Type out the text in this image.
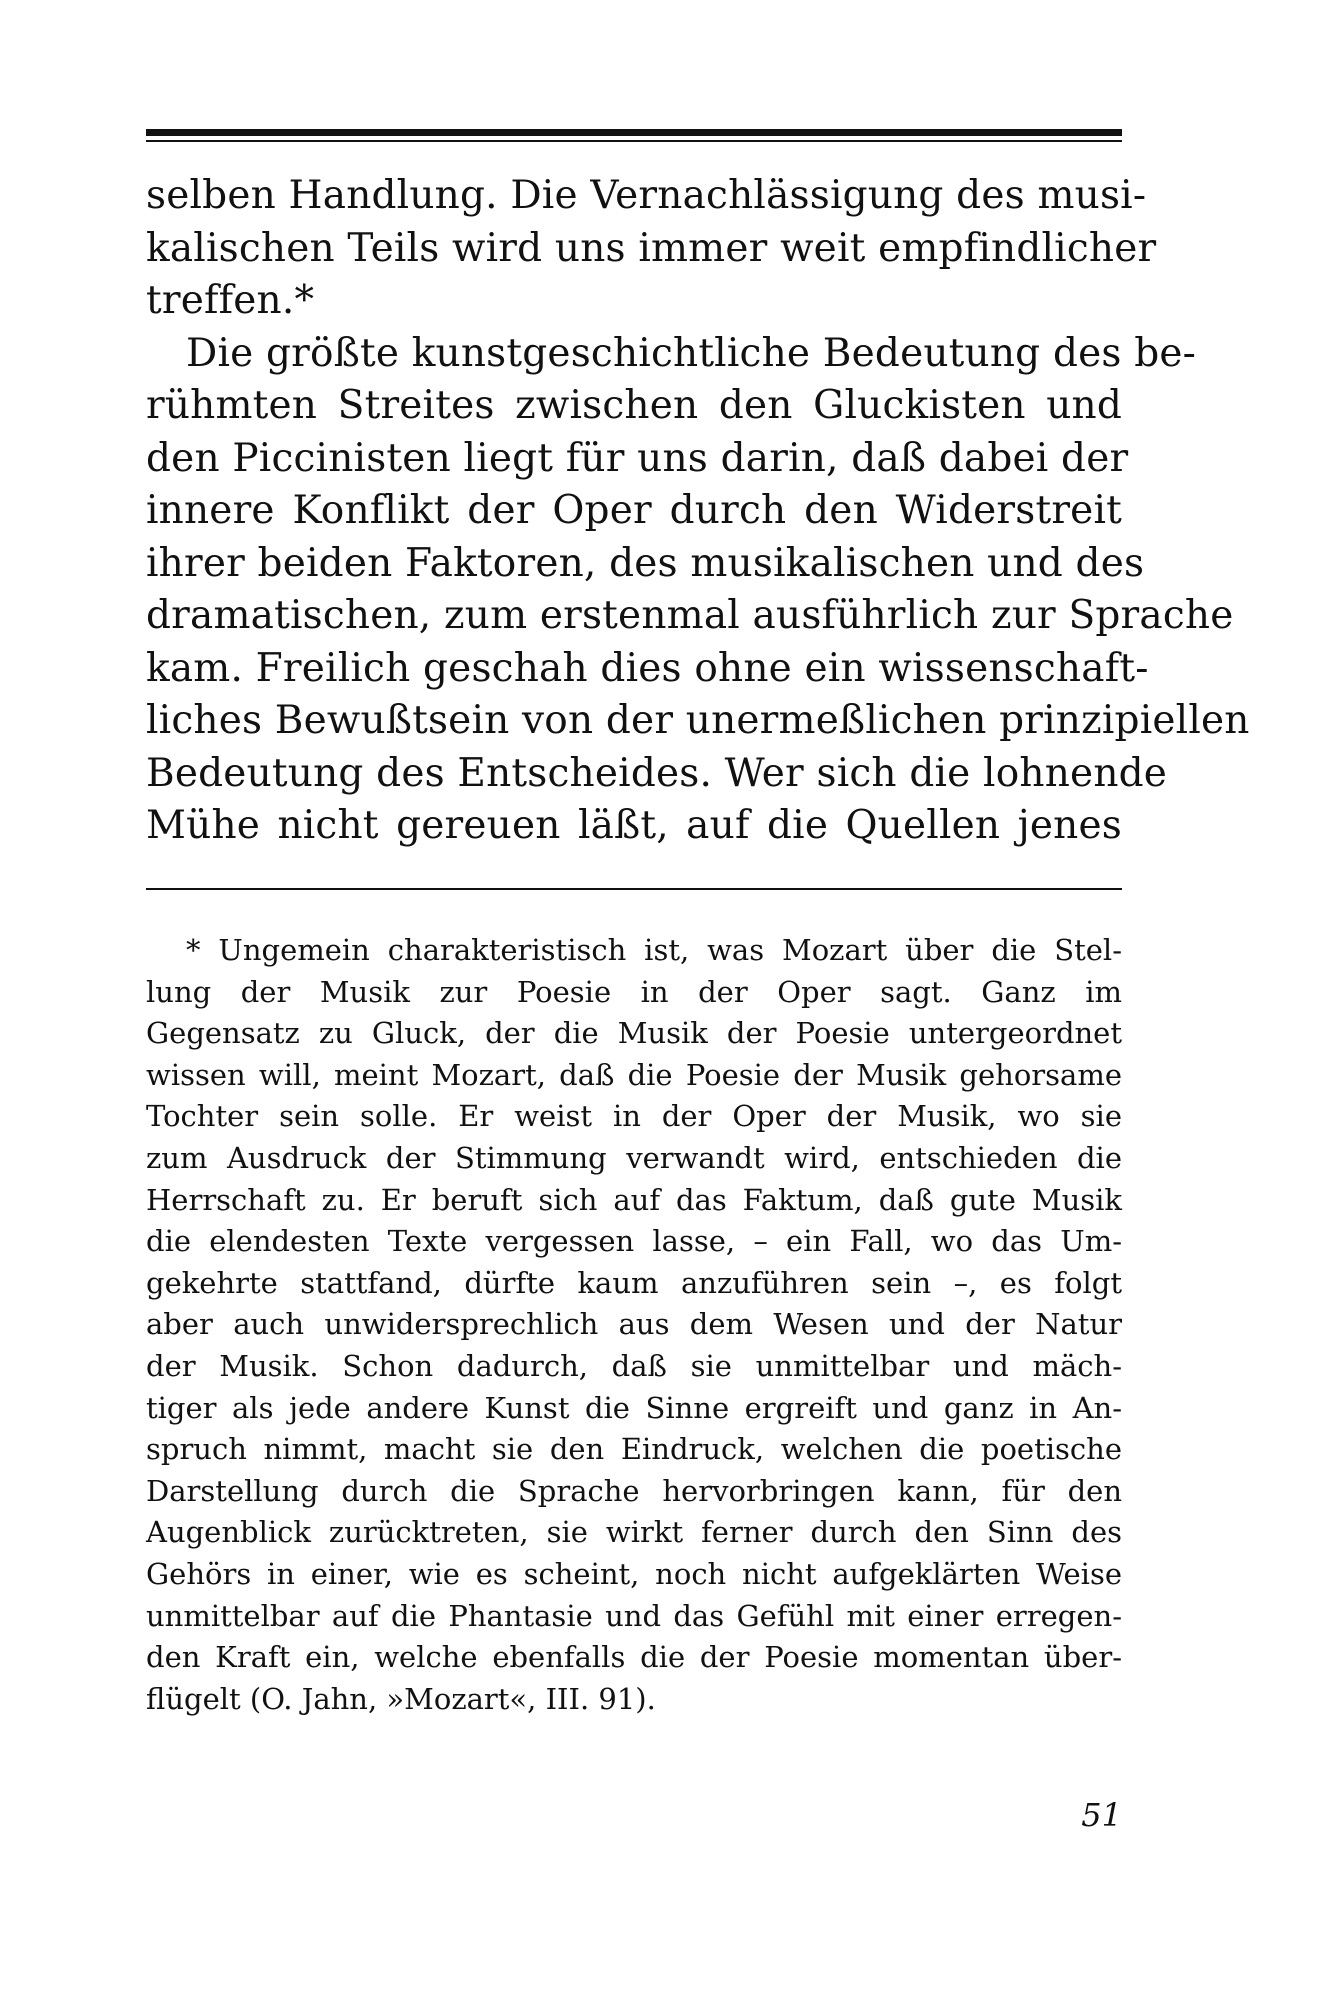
selben Handlung. Die Vernachlässigung des musi-
kalischen Teils wird uns immer weit empfindlicher
treffen.*
Die größte kunstgeschichtliche Bedeutung des be-
rühmten Streites zwischen den Gluckisten und
den Piccinisten liegt für uns darin, daß dabei der
innere Konflikt der Oper durch den Widerstreit
ihrer beiden Faktoren, des musikalischen und des
dramatischen, zum erstenmal ausführlich zur Sprache
kam. Freilich geschah dies ohne ein wissenschaft-
liches Bewußtsein von der unermeßlichen prinzipiellen
Bedeutung des Entscheides. Wer sich die lohnende
Mühe nicht gereuen läßt, auf die Quellen jenes
* Ungemein charakteristisch ist, was Mozart über die Stel-
lung der Musik zur Poesie in der Oper sagt. Ganz im
Gegensatz zu Gluck, der die Musik der Poesie untergeordnet
wissen will, meint Mozart, daß die Poesie der Musik gehorsame
Tochter sein solle. Er weist in der Oper der Musik, wo sie
zum Ausdruck der Stimmung verwandt wird, entschieden die
Herrschaft zu. Er beruft sich auf das Faktum, daß gute Musik
die elendesten Texte vergessen lasse, – ein Fall, wo das Um-
gekehrte stattfand, dürfte kaum anzuführen sein –, es folgt
aber auch unwidersprechlich aus dem Wesen und der Natur
der Musik. Schon dadurch, daß sie unmittelbar und mäch-
tiger als jede andere Kunst die Sinne ergreift und ganz in An-
spruch nimmt, macht sie den Eindruck, welchen die poetische
Darstellung durch die Sprache hervorbringen kann, für den
Augenblick zurücktreten, sie wirkt ferner durch den Sinn des
Gehörs in einer, wie es scheint, noch nicht aufgeklärten Weise
unmittelbar auf die Phantasie und das Gefühl mit einer erregen-
den Kraft ein, welche ebenfalls die der Poesie momentan über-
flügelt (O. Jahn, »Mozart«, III. 91).
51
